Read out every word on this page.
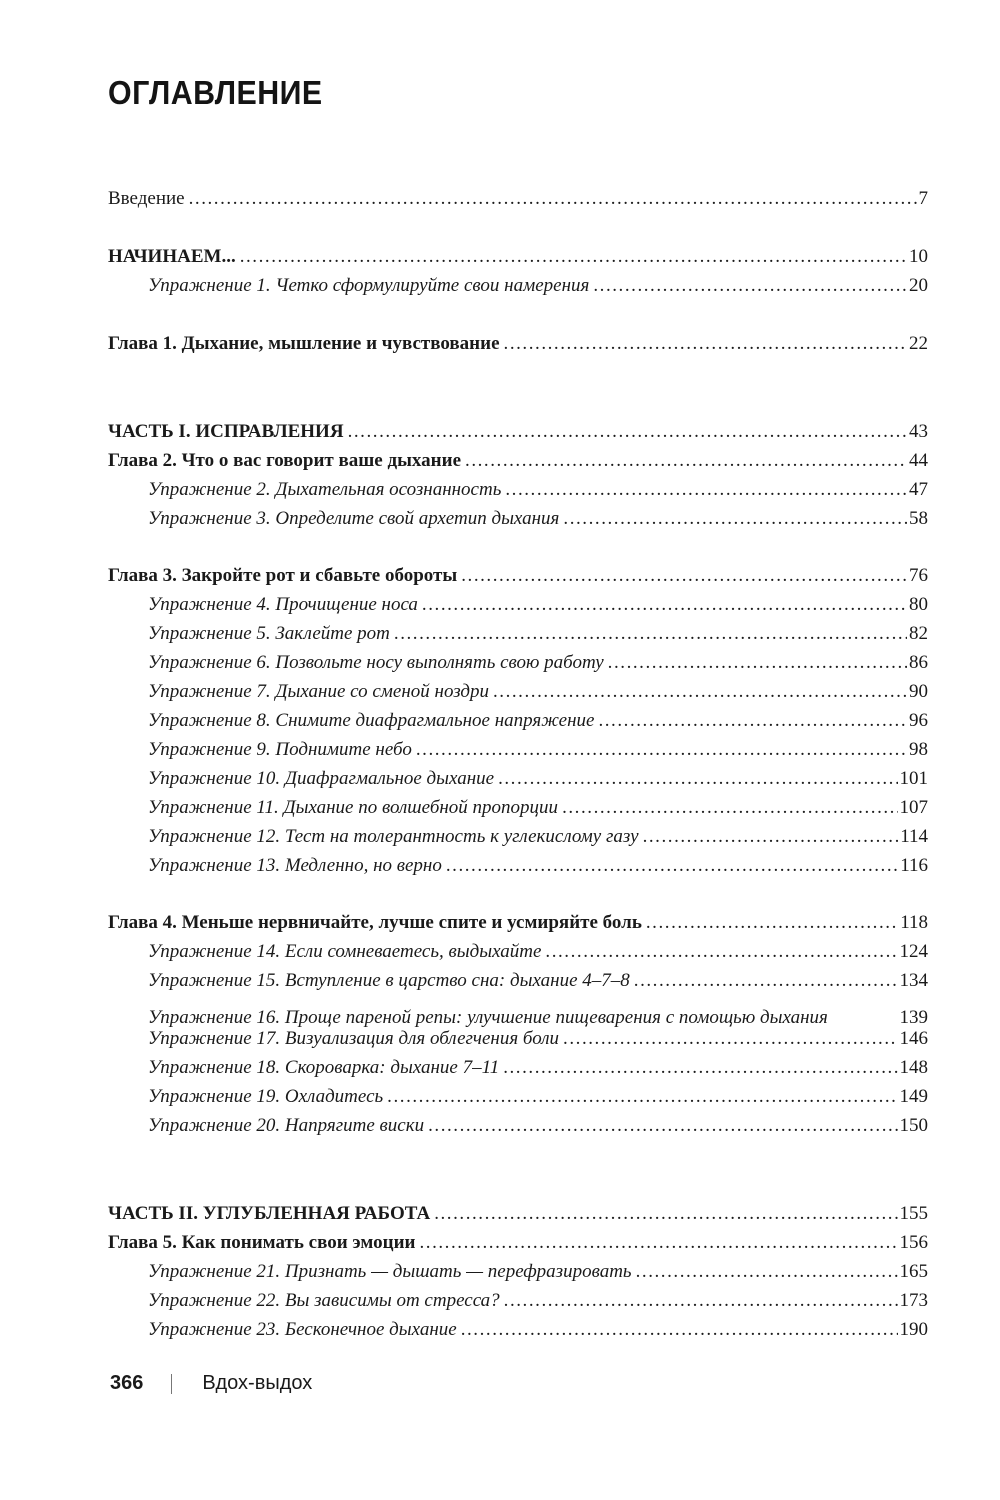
ОГЛАВЛЕНИЕ
Введение . . .	7
НАЧИНАЕМ... . . .	10
Упражнение 1. Четко сформулируйте свои намерения . . .	20
Глава 1. Дыхание, мышление и чувствование . . .	22
ЧАСТЬ I. ИСПРАВЛЕНИЯ . . .	43
Глава 2. Что о вас говорит ваше дыхание . . .	44
Упражнение 2. Дыхательная осознанность . . .	47
Упражнение 3. Определите свой архетип дыхания . . .	58
Глава 3. Закройте рот и сбавьте обороты . . .	76
Упражнение 4. Прочищение носа . . .	80
Упражнение 5. Заклейте рот . . .	82
Упражнение 6. Позвольте носу выполнять свою работу . . .	86
Упражнение 7. Дыхание со сменой ноздри . . .	90
Упражнение 8. Снимите диафрагмальное напряжение . . .	96
Упражнение 9. Поднимите небо . . .	98
Упражнение 10. Диафрагмальное дыхание . . .	101
Упражнение 11. Дыхание по волшебной пропорции . . .	107
Упражнение 12. Тест на толерантность к углекислому газу . . .	114
Упражнение 13. Медленно, но верно . . .	116
Глава 4. Меньше нервничайте, лучше спите и усмиряйте боль . . .	118
Упражнение 14. Если сомневаетесь, выдыхайте . . .	124
Упражнение 15. Вступление в царство сна: дыхание 4–7–8 . . .	134
Упражнение 16. Проще пареной репы: улучшение пищеварения с помощью дыхания	139
Упражнение 17. Визуализация для облегчения боли . . .	146
Упражнение 18. Скороварка: дыхание 7–11 . . .	148
Упражнение 19. Охладитесь . . .	149
Упражнение 20. Напрягите виски . . .	150
ЧАСТЬ II. УГЛУБЛЕННАЯ РАБОТА . . .	155
Глава 5. Как понимать свои эмоции . . .	156
Упражнение 21. Признать — дышать — перефразировать . . .	165
Упражнение 22. Вы зависимы от стресса? . . .	173
Упражнение 23. Бесконечное дыхание . . .	190
366	Вдох-выдох
